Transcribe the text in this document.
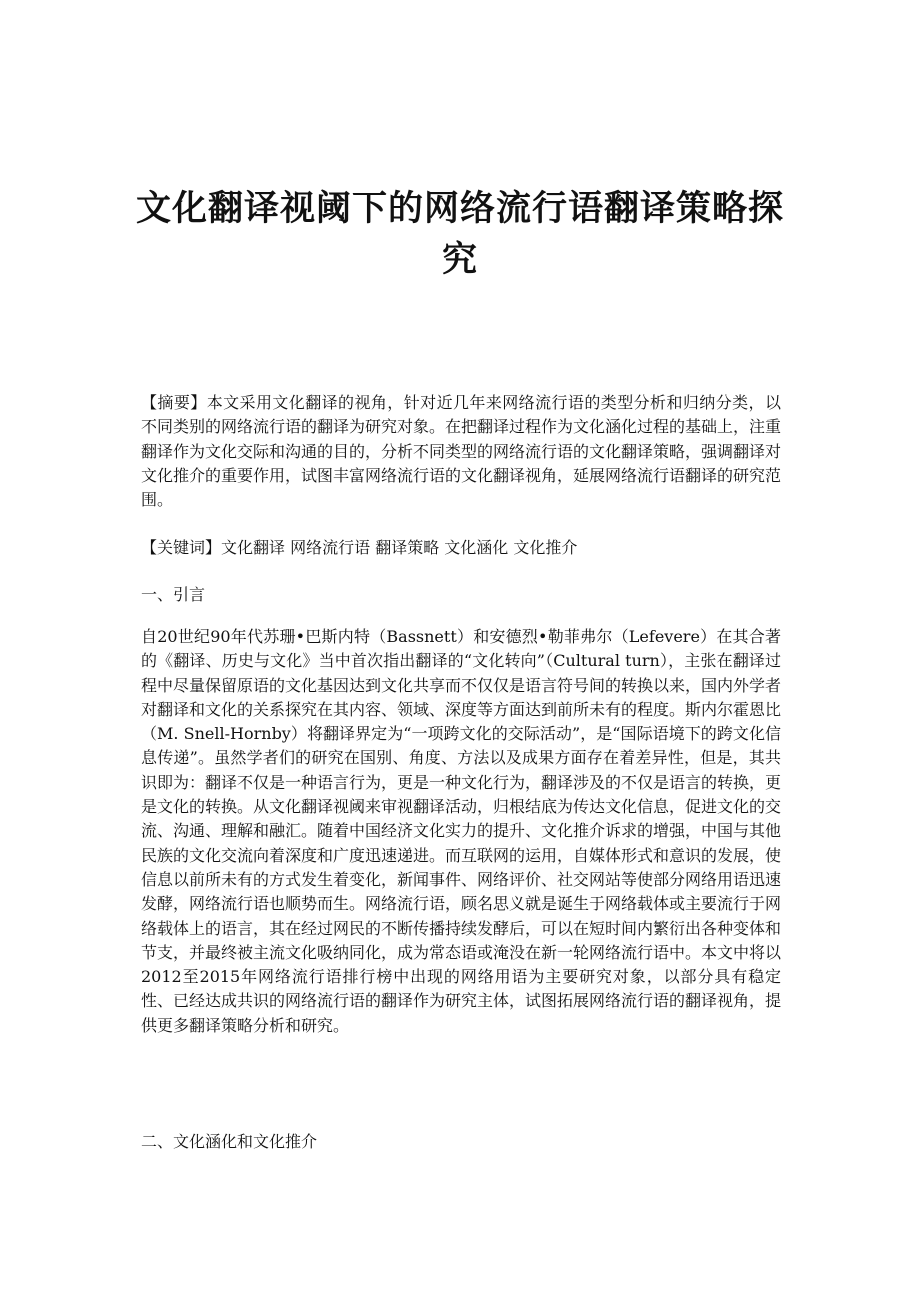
文化翻译视阈下的网络流行语翻译策略探究

【摘要】本文采用文化翻译的视角，针对近几年来网络流行语的类型分析和归纳分类，以不同类别的网络流行语的翻译为研究对象。在把翻译过程作为文化涵化过程的基础上，注重翻译作为文化交际和沟通的目的，分析不同类型的网络流行语的文化翻译策略，强调翻译对文化推介的重要作用，试图丰富网络流行语的文化翻译视角，延展网络流行语翻译的研究范围。

【关键词】文化翻译 网络流行语 翻译策略 文化涵化 文化推介

一、引言

自20世纪90年代苏珊•巴斯内特（Bassnett）和安德烈•勒菲弗尔（Lefevere）在其合著的《翻译、历史与文化》当中首次指出翻译的“文化转向”（Cultural turn），主张在翻译过程中尽量保留原语的文化基因达到文化共享而不仅仅是语言符号间的转换以来，国内外学者对翻译和文化的关系探究在其内容、领域、深度等方面达到前所未有的程度。斯内尔霍恩比（M. Snell-Hornby）将翻译界定为“一项跨文化的交际活动”，是“国际语境下的跨文化信息传递”。虽然学者们的研究在国别、角度、方法以及成果方面存在着差异性，但是，其共识即为：翻译不仅是一种语言行为，更是一种文化行为，翻译涉及的不仅是语言的转换，更是文化的转换。从文化翻译视阈来审视翻译活动，归根结底为传达文化信息，促进文化的交流、沟通、理解和融汇。随着中国经济文化实力的提升、文化推介诉求的增强，中国与其他民族的文化交流向着深度和广度迅速递进。而互联网的运用，自媒体形式和意识的发展，使信息以前所未有的方式发生着变化，新闻事件、网络评价、社交网站等使部分网络用语迅速发酵，网络流行语也顺势而生。网络流行语，顾名思义就是诞生于网络载体或主要流行于网络载体上的语言，其在经过网民的不断传播持续发酵后，可以在短时间内繁衍出各种变体和节支，并最终被主流文化吸纳同化，成为常态语或淹没在新一轮网络流行语中。本文中将以2012至2015年网络流行语排行榜中出现的网络用语为主要研究对象，以部分具有稳定性、已经达成共识的网络流行语的翻译作为研究主体，试图拓展网络流行语的翻译视角，提供更多翻译策略分析和研究。

二、文化涵化和文化推介
